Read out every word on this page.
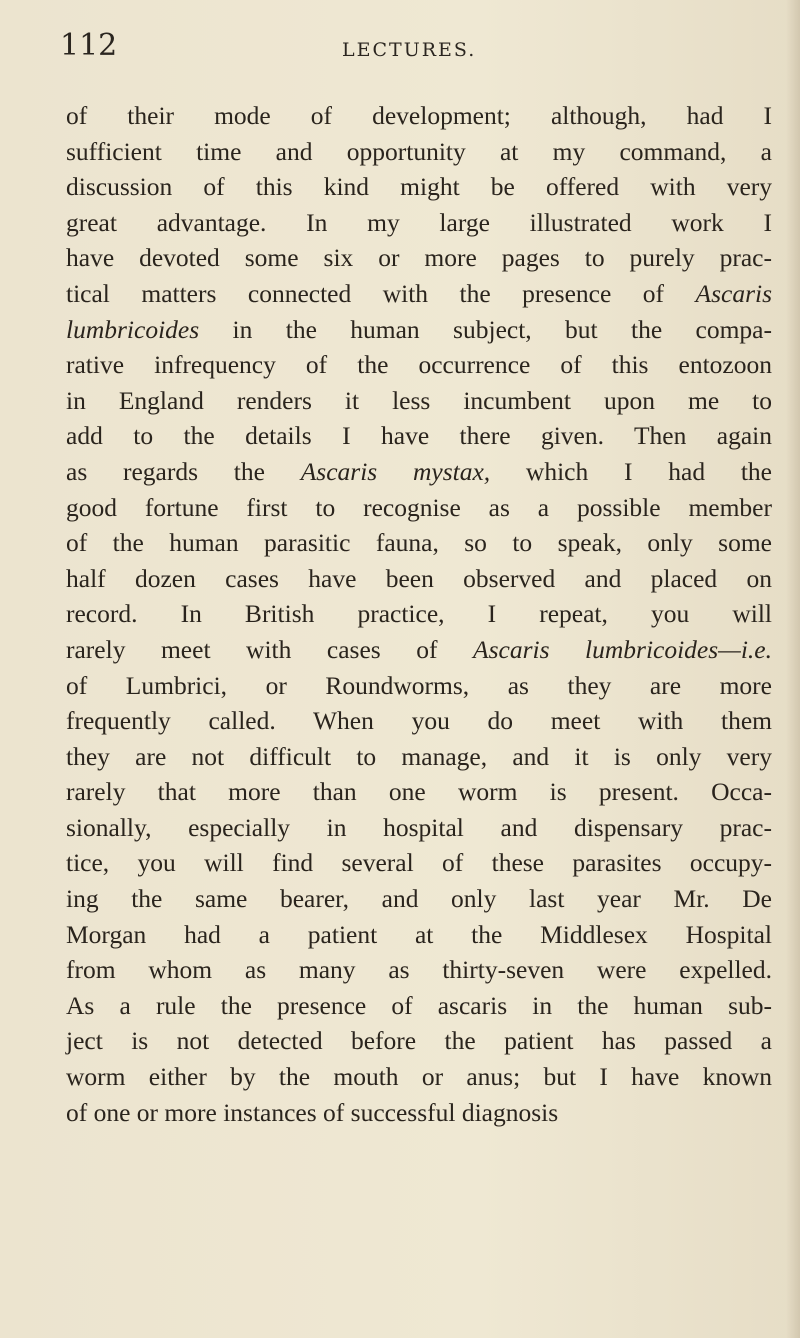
112	LECTURES.
of their mode of development; although, had I
sufficient time and opportunity at my command, a
discussion of this kind might be offered with very
great advantage. In my large illustrated work I
have devoted some six or more pages to purely prac-
tical matters connected with the presence of Ascaris
lumbricoides in the human subject, but the compa-
rative infrequency of the occurrence of this entozoon
in England renders it less incumbent upon me to
add to the details I have there given. Then again
as regards the Ascaris mystax, which I had the
good fortune first to recognise as a possible member
of the human parasitic fauna, so to speak, only some
half dozen cases have been observed and placed on
record. In British practice, I repeat, you will
rarely meet with cases of Ascaris lumbricoides—i.e.
of Lumbrici, or Roundworms, as they are more
frequently called. When you do meet with them
they are not difficult to manage, and it is only very
rarely that more than one worm is present. Occa-
sionally, especially in hospital and dispensary prac-
tice, you will find several of these parasites occupy-
ing the same bearer, and only last year Mr. De
Morgan had a patient at the Middlesex Hospital
from whom as many as thirty-seven were expelled.
As a rule the presence of ascaris in the human sub-
ject is not detected before the patient has passed a
worm either by the mouth or anus; but I have known
of one or more instances of successful diagnosis
